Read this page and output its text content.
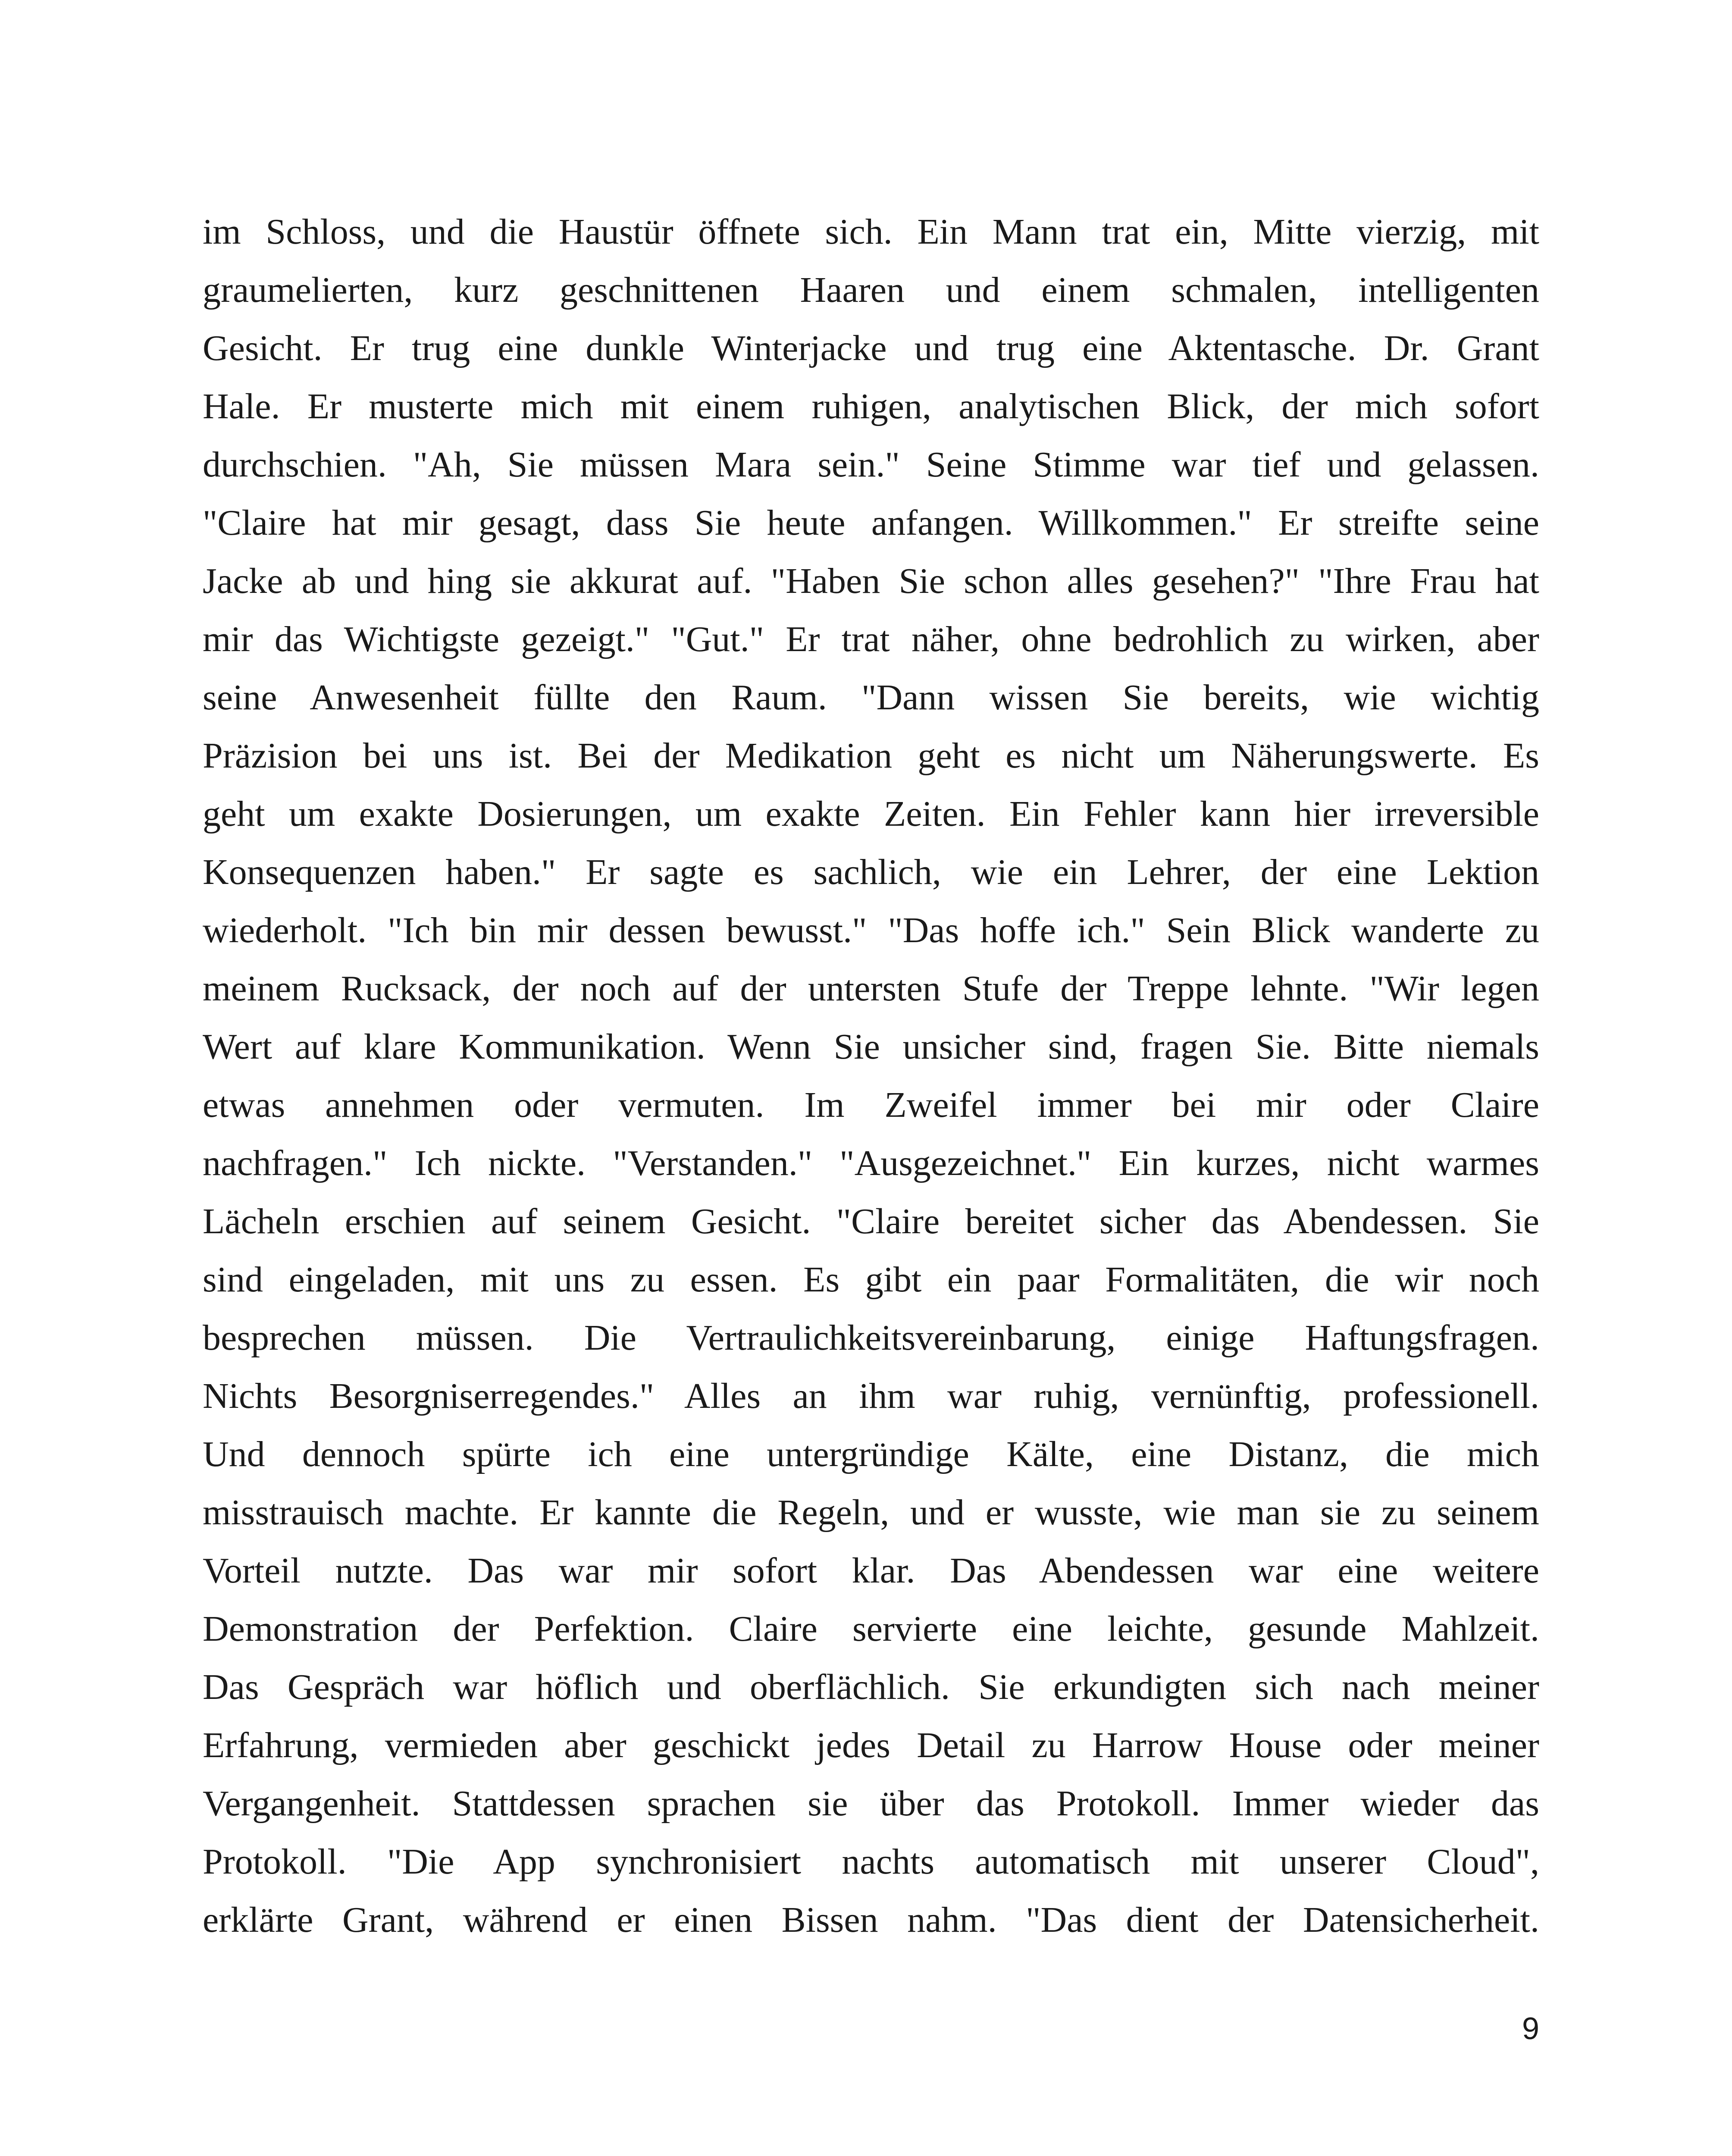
im Schloss, und die Haustür öffnete sich. Ein Mann trat ein, Mitte vierzig, mit
graumelierten, kurz geschnittenen Haaren und einem schmalen, intelligenten
Gesicht. Er trug eine dunkle Winterjacke und trug eine Aktentasche. Dr. Grant
Hale. Er musterte mich mit einem ruhigen, analytischen Blick, der mich sofort
durchschien. "Ah, Sie müssen Mara sein." Seine Stimme war tief und gelassen.
"Claire hat mir gesagt, dass Sie heute anfangen. Willkommen." Er streifte seine
Jacke ab und hing sie akkurat auf. "Haben Sie schon alles gesehen?" "Ihre Frau hat
mir das Wichtigste gezeigt." "Gut." Er trat näher, ohne bedrohlich zu wirken, aber
seine Anwesenheit füllte den Raum. "Dann wissen Sie bereits, wie wichtig
Präzision bei uns ist. Bei der Medikation geht es nicht um Näherungswerte. Es
geht um exakte Dosierungen, um exakte Zeiten. Ein Fehler kann hier irreversible
Konsequenzen haben." Er sagte es sachlich, wie ein Lehrer, der eine Lektion
wiederholt. "Ich bin mir dessen bewusst." "Das hoffe ich." Sein Blick wanderte zu
meinem Rucksack, der noch auf der untersten Stufe der Treppe lehnte. "Wir legen
Wert auf klare Kommunikation. Wenn Sie unsicher sind, fragen Sie. Bitte niemals
etwas annehmen oder vermuten. Im Zweifel immer bei mir oder Claire
nachfragen." Ich nickte. "Verstanden." "Ausgezeichnet." Ein kurzes, nicht warmes
Lächeln erschien auf seinem Gesicht. "Claire bereitet sicher das Abendessen. Sie
sind eingeladen, mit uns zu essen. Es gibt ein paar Formalitäten, die wir noch
besprechen müssen. Die Vertraulichkeitsvereinbarung, einige Haftungsfragen.
Nichts Besorgniserregendes." Alles an ihm war ruhig, vernünftig, professionell.
Und dennoch spürte ich eine untergründige Kälte, eine Distanz, die mich
misstrauisch machte. Er kannte die Regeln, und er wusste, wie man sie zu seinem
Vorteil nutzte. Das war mir sofort klar. Das Abendessen war eine weitere
Demonstration der Perfektion. Claire servierte eine leichte, gesunde Mahlzeit.
Das Gespräch war höflich und oberflächlich. Sie erkundigten sich nach meiner
Erfahrung, vermieden aber geschickt jedes Detail zu Harrow House oder meiner
Vergangenheit. Stattdessen sprachen sie über das Protokoll. Immer wieder das
Protokoll. "Die App synchronisiert nachts automatisch mit unserer Cloud",
erklärte Grant, während er einen Bissen nahm. "Das dient der Datensicherheit.
9
